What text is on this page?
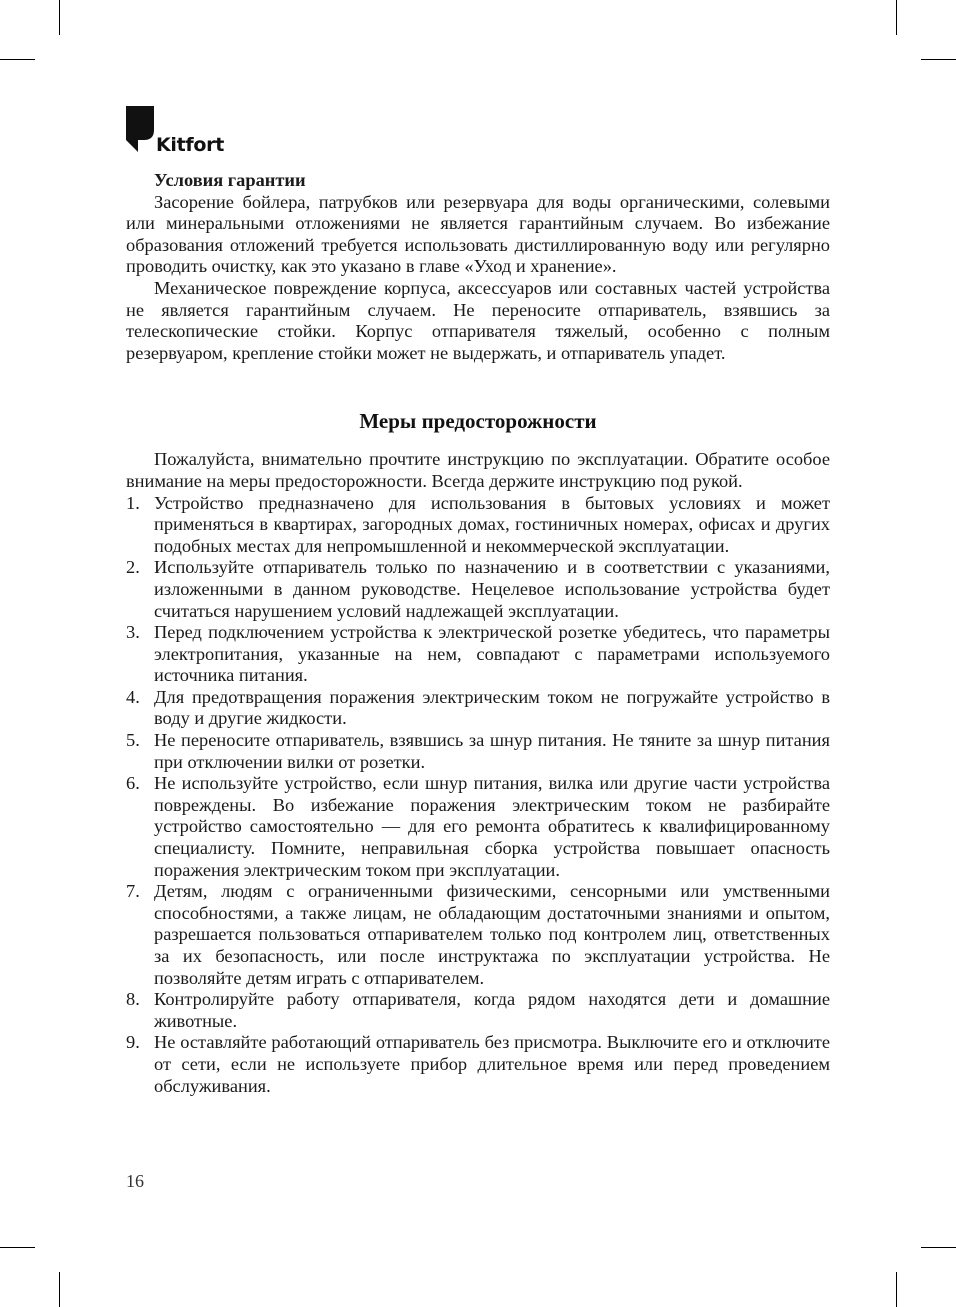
Kitfort

Условия гарантии

Засорение бойлера, патрубков или резервуара для воды органическими, солевыми или минеральными отложениями не является гарантийным случаем. Во избежание образования отложений требуется использовать дистиллированную воду или регулярно проводить очистку, как это указано в главе «Уход и хранение».

Механическое повреждение корпуса, аксессуаров или составных частей устройства не является гарантийным случаем. Не переносите отпариватель, взявшись за телескопические стойки. Корпус отпаривателя тяжелый, особенно с полным резервуаром, крепление стойки может не выдержать, и отпариватель упадет.

Меры предосторожности

Пожалуйста, внимательно прочтите инструкцию по эксплуатации. Обратите особое внимание на меры предосторожности. Всегда держите инструкцию под рукой.

1. Устройство предназначено для использования в бытовых условиях и может применяться в квартирах, загородных домах, гостиничных номерах, офисах и других подобных местах для непромышленной и некоммерческой эксплуатации.
2. Используйте отпариватель только по назначению и в соответствии с указаниями, изложенными в данном руководстве. Нецелевое использование устройства будет считаться нарушением условий надлежащей эксплуатации.
3. Перед подключением устройства к электрической розетке убедитесь, что параметры электропитания, указанные на нем, совпадают с параметрами используемого источника питания.
4. Для предотвращения поражения электрическим током не погружайте устройство в воду и другие жидкости.
5. Не переносите отпариватель, взявшись за шнур питания. Не тяните за шнур питания при отключении вилки от розетки.
6. Не используйте устройство, если шнур питания, вилка или другие части устройства повреждены. Во избежание поражения электрическим током не разбирайте устройство самостоятельно — для его ремонта обратитесь к квалифицированному специалисту. Помните, неправильная сборка устройства повышает опасность поражения электрическим током при эксплуатации.
7. Детям, людям с ограниченными физическими, сенсорными или умственными способностями, а также лицам, не обладающим достаточными знаниями и опытом, разрешается пользоваться отпаривателем только под контролем лиц, ответственных за их безопасность, или после инструктажа по эксплуатации устройства. Не позволяйте детям играть с отпаривателем.
8. Контролируйте работу отпаривателя, когда рядом находятся дети и домашние животные.
9. Не оставляйте работающий отпариватель без присмотра. Выключите его и отключите от сети, если не используете прибор длительное время или перед проведением обслуживания.
16
